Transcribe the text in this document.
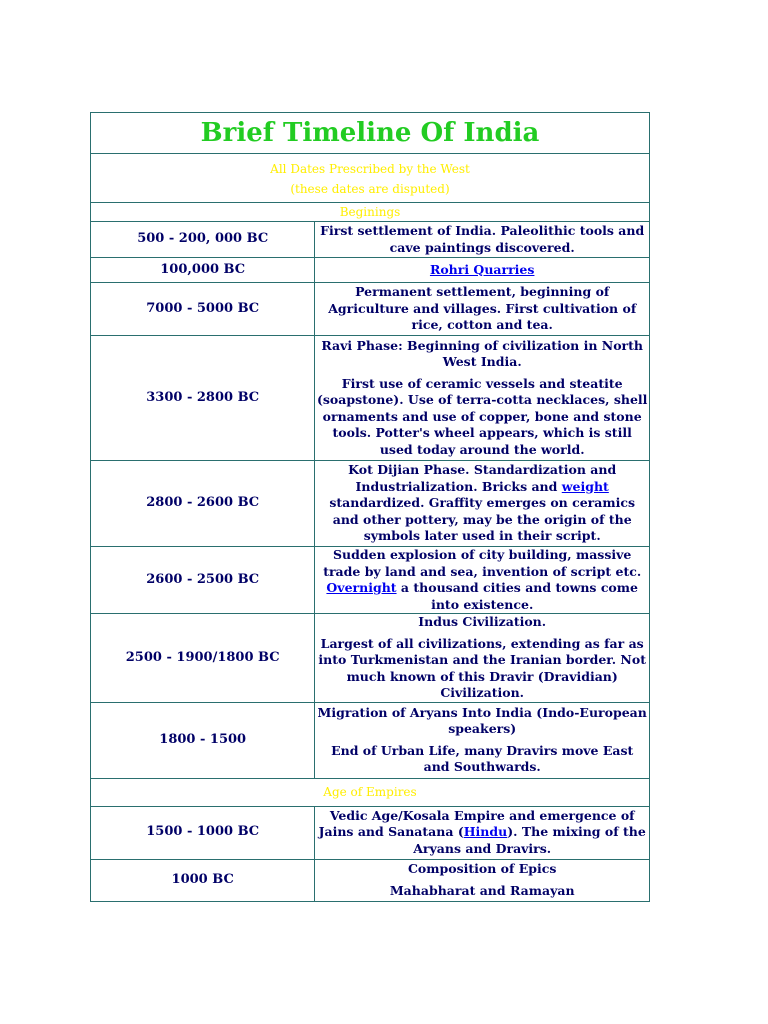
Brief Timeline Of India	

All Dates Prescribed by the West
(these dates are disputed)	

Beginings	
500 - 200, 000 BC	First settlement of India. Paleolithic tools and cave paintings discovered.

100,000 BC	Rohri Quarries
7000 - 5000 BC	Permanent settlement, beginning of Agriculture and villages. First cultivation of rice, cotton and tea.

3300 - 2800 BC	Ravi Phase: Beginning of civilization in North West India.

First use of ceramic vessels and steatite (soapstone). Use of terra-cotta necklaces, shell ornaments and use of copper, bone and stone tools. Potter's wheel appears, which is still used today around the world.

2800 - 2600 BC	Kot Dijian Phase. Standardization and Industrialization. Bricks and weight standardized. Graffity emerges on ceramics and other pottery, may be the origin of the symbols later used in their script.

2600 - 2500 BC	Sudden explosion of city building, massive trade by land and sea, invention of script etc. Overnight a thousand cities and towns come into existence.

2500 - 1900/1800 BC	Indus Civilization.

Largest of all civilizations, extending as far as into Turkmenistan and the Iranian border. Not much known of this Dravir (Dravidian) Civilization.

1800 - 1500	Migration of Aryans Into India (Indo-European speakers)

End of Urban Life, many Dravirs move East and Southwards.

Age of Empires	
1500 - 1000 BC	Vedic Age/Kosala Empire and emergence of Jains and Sanatana (Hindu). The mixing of the Aryans and Dravirs.

1000 BC	Composition of Epics

Mahabharat and Ramayan
